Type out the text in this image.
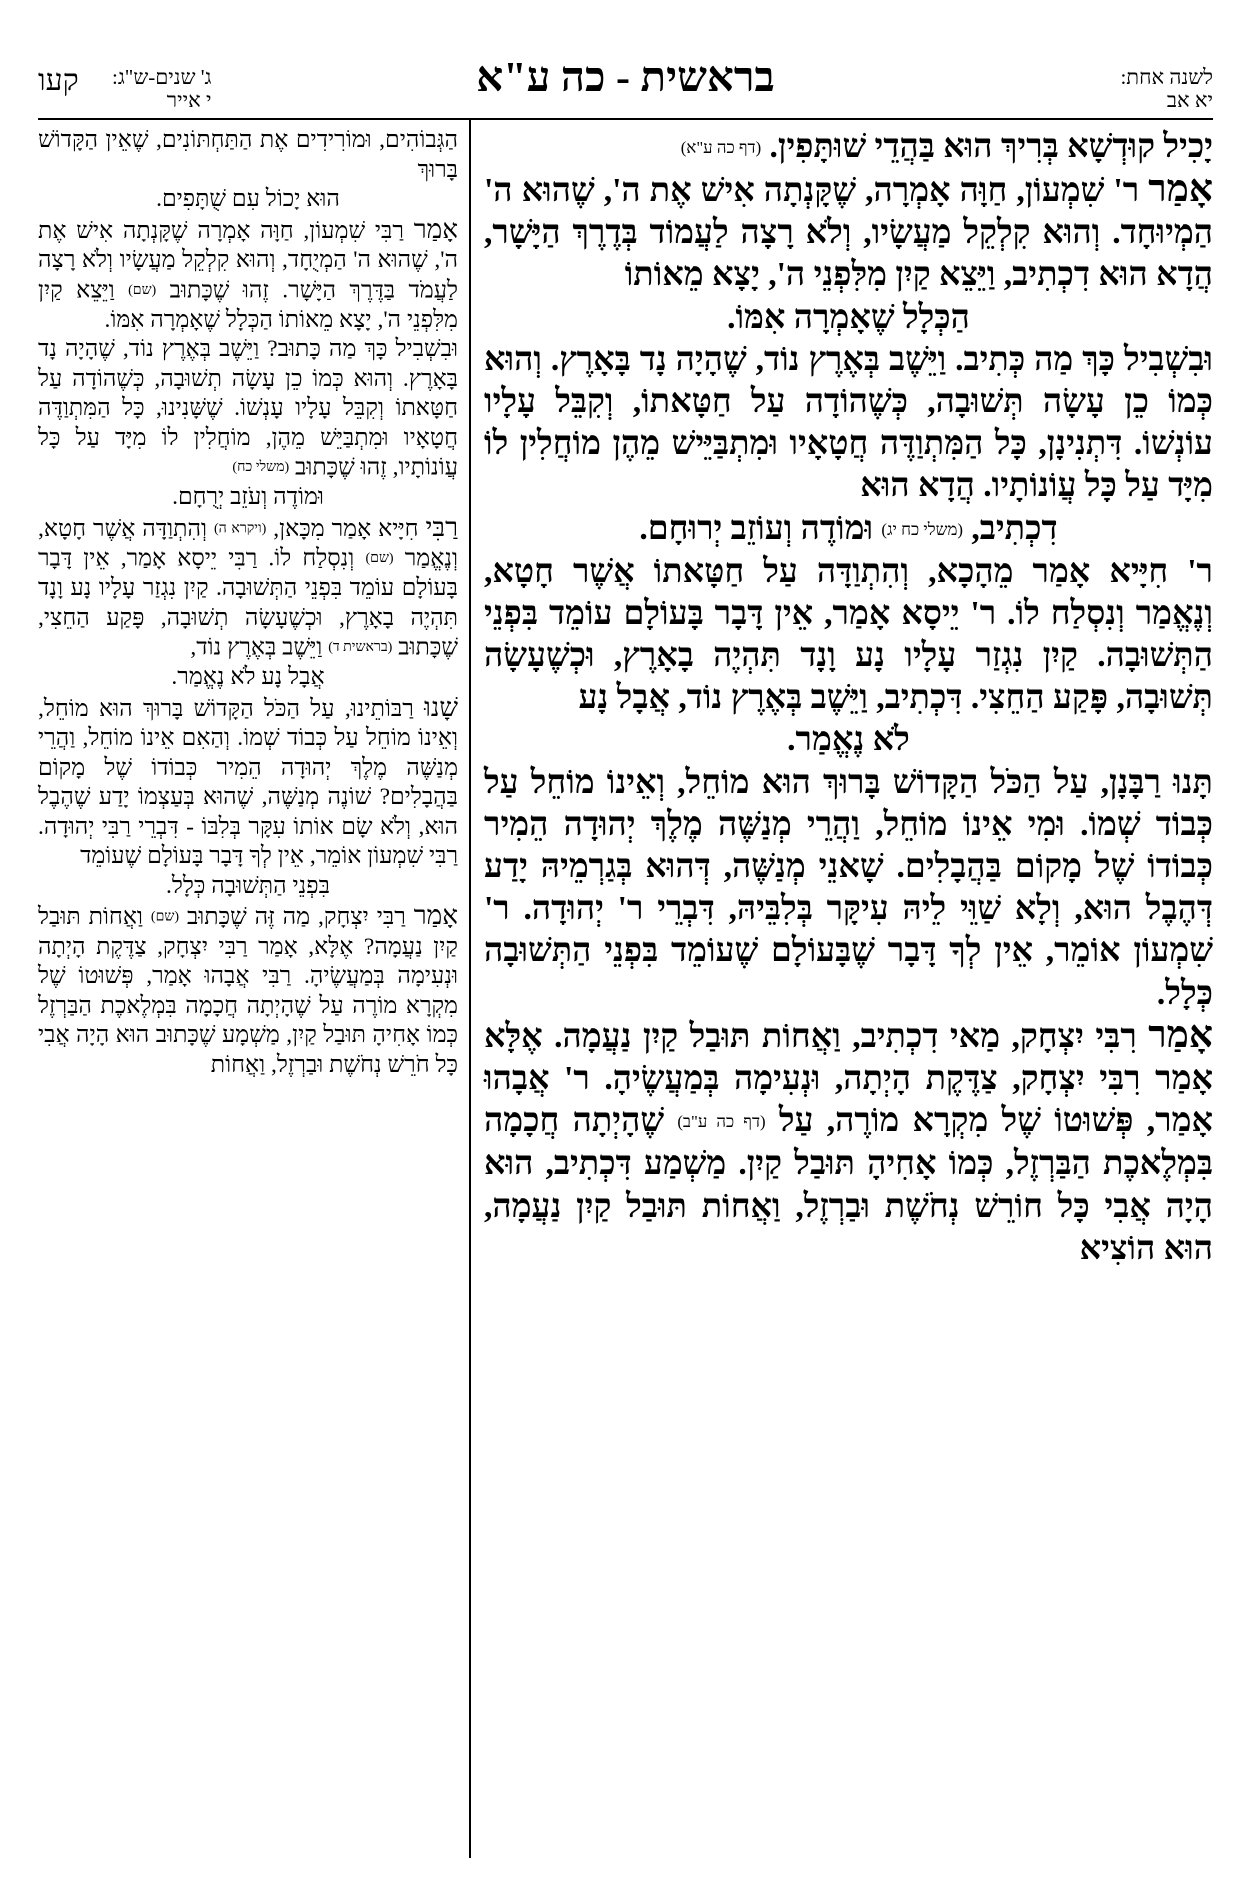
לשנה אחת:
יא אב
בראשית - כה ע"א
ג' שנים-ש"ג:
י אייר
קעו

יָכִיל קוּדְשָׁא בְּרִיךְ הוּא בַּהֲדֵי שׁוּתָּפִין. (דף כה ע"א)

אָמַר ר' שִׁמְעוֹן, חַוָּה אָמְרָה, שֶׁקָּנְתָה אִישׁ אֶת ה', שֶׁהוּא ה' הַמְיוּחָד. וְהוּא קִלְקֵל מַעֲשָׂיו, וְלֹא רָצָה לַעֲמוֹד בְּדֶרֶךְ הַיָּשָׁר, הֲדָא הוּא דִכְתִיב, וַיֵּצֵא קַיִן מִלִּפְנֵי ה', יָצָא מֵאוֹתוֹ
הַכְּלָל שֶׁאָמְרָה אִמּוֹ.

וּבִשְׁבִיל כָּךְ מַה כְּתִיב. וַיֵּשֶׁב בְּאֶרֶץ נוֹד, שֶׁהָיָה נָד בָּאָרֶץ. וְהוּא כְּמוֹ כֵן עָשָׂה תְּשׁוּבָה, כְּשֶׁהוֹדָה עַל חַטָּאתוֹ, וְקִבֵּל עָלָיו עוֹנְשׁוֹ. דִּתְנִינָן, כָּל הַמִּתְוַדֶּה חֲטָאָיו וּמִתְבַּיֵּישׁ מֵהֶן מוֹחֲלִין לוֹ מִיָּד עַל כָּל עֲוֹנוֹתָיו. הֲדָא הוּא
דִכְתִיב, (משלי כח יג) וּמוֹדֶה וְעוֹזֵב יְרוּחָם.

ר' חִיָּיא אָמַר מֵהָכָא, וְהִתְוַדָּה עַל חַטָּאתוֹ אֲשֶׁר חָטָא, וְנֶאֱמַר וְנִסְלַח לוֹ. ר' יֵיסָא אָמַר, אֵין דָּבָר בָּעוֹלָם עוֹמֵד בִּפְנֵי הַתְּשׁוּבָה. קַיִן נִגְזַר עָלָיו נָע וָנָד תִּהְיֶה בָאָרֶץ, וּכְשֶׁעָשָׂה תְּשׁוּבָה, פָּקַע הַחֵצִי. דִּכְתִיב, וַיֵּשֶׁב בְּאֶרֶץ נוֹד, אֲבָל נָע
לֹא נֶאֱמַר.

תָּנוּ רַבָּנָן, עַל הַכֹּל הַקָּדוֹשׁ בָּרוּךְ הוּא מוֹחֵל, וְאֵינוֹ מוֹחֵל עַל כְּבוֹד שְׁמוֹ. וּמִי אֵינוֹ מוֹחֵל, וַהֲרֵי מְנַשֶּׁה מֶלֶךְ יְהוּדָה הֵמִיר כְּבוֹדוֹ שֶׁל מָקוֹם בַּהֲבָלִים. שָׁאנֵי מְנַשֶּׁה, דְּהוּא בְּגַרְמֵיהּ יָדַע דְּהֶבֶל הוּא, וְלָא שַׁוֵּי לֵיהּ עִיקָּר בְּלִבֵּיהּ, דִּבְרֵי ר' יְהוּדָה. ר' שִׁמְעוֹן אוֹמֵר, אֵין לְךָ דָּבָר שֶׁבָּעוֹלָם שֶׁעוֹמֵד בִּפְנֵי הַתְּשׁוּבָה כְּלָל.

אָמַר רִבִּי יִצְחָק, מַאי דִכְתִיב, וַאֲחוֹת תּוּבַל קַיִן נַעֲמָה. אֶלָּא אָמַר רִבִּי יִצְחָק, צַדֶּקֶת הָיְתָה, וּנְעִימָה בְּמַעֲשֶׂיהָ. ר' אֲבָהוּ אָמַר, פְּשׁוּטוֹ שֶׁל מִקְרָא מוֹרֶה, עַל (דף כה ע"ב) שֶׁהָיְתָה חֲכָמָה בִּמְלֶאכֶת הַבַּרְזֶל, כְּמוֹ אָחִיהָ תּוּבַל קַיִן. מַשְׁמַע דִּכְתִיב, הוּא הָיָה אֲבִי כָּל חוֹרֵשׁ נְחֹשֶׁת וּבַרְזֶל, וַאֲחוֹת תּוּבַל קַיִן נַעֲמָה, הוּא הוֹצִיא

הַגְּבוֹהִים, וּמוֹרִידִים אֶת הַתַּחְתּוֹנִים, שֶׁאֵין הַקָּדוֹשׁ בָּרוּךְ
הוּא יָכוֹל עִם שֻׁתָּפִים.

אָמַר רַבִּי שִׁמְעוֹן, חַוָּה אָמְרָה שֶׁקָּנְתָה אִישׁ אֶת ה', שֶׁהוּא ה' הַמְיֻחָד, וְהוּא קִלְקֵל מַעֲשָׂיו וְלֹא רָצָה לַעֲמֹד בַּדֶּרֶךְ הַיָּשָׁר. זֶהוּ שֶׁכָּתוּב (שם) וַיֵּצֵא קַיִן מִלִּפְנֵי ה', יָצָא מֵאוֹתוֹ הַכְּלָל שֶׁאָמְרָה אִמּוֹ.

וּבִשְׁבִיל כָּךְ מַה כָּתוּב? וַיֵּשֶׁב בְּאֶרֶץ נוֹד, שֶׁהָיָה נָד בָּאָרֶץ. וְהוּא כְּמוֹ כֵן עָשָׂה תְשׁוּבָה, כְּשֶׁהוֹדָה עַל חַטָּאתוֹ וְקִבֵּל עָלָיו עָנְשׁוֹ. שֶׁשָּׁנִינוּ, כָּל הַמִּתְוַדֶּה חֲטָאָיו וּמִתְבַּיֵּשׁ מֵהֶן, מוֹחֲלִין לוֹ מִיָּד עַל כָּל עֲוֹנוֹתָיו, זֶהוּ שֶׁכָּתוּב (משלי כח)
וּמוֹדֶה וְעֹזֵב יְרֻחָם.

רַבִּי חִיָּיא אָמַר מִכָּאן, (ויקרא ה) וְהִתְוַדָּה אֲשֶׁר חָטָא, וְנֶאֱמַר (שם) וְנִסְלַח לוֹ. רַבִּי יֵיסָא אָמַר, אֵין דָּבָר בָּעוֹלָם עוֹמֵד בִּפְנֵי הַתְּשׁוּבָה. קַיִן נִגְזַר עָלָיו נָע וָנָד תִּהְיֶה בָאָרֶץ, וּכְשֶׁעָשָׂה תְשׁוּבָה, פָּקַע הַחֵצִי, שֶׁכָּתוּב (בראשית ד) וַיֵּשֶׁב בְּאֶרֶץ נוֹד,
אֲבָל נָע לֹא נֶאֱמַר.

שָׁנוּ רַבּוֹתֵינוּ, עַל הַכֹּל הַקָּדוֹשׁ בָּרוּךְ הוּא מוֹחֵל, וְאֵינוֹ מוֹחֵל עַל כְּבוֹד שְׁמוֹ. וְהַאִם אֵינוֹ מוֹחֵל, וַהֲרֵי מְנַשֶּׁה מֶלֶךְ יְהוּדָה הֵמִיר כְּבוֹדוֹ שֶׁל מָקוֹם בַּהֲבָלִים? שׁוֹנֶה מְנַשֶּׁה, שֶׁהוּא בְּעַצְמוֹ יָדַע שֶׁהֶבֶל הוּא, וְלֹא שָׂם אוֹתוֹ עִקָּר בְּלִבּוֹ - דִּבְרֵי רַבִּי יְהוּדָה. רַבִּי שִׁמְעוֹן אוֹמֵר, אֵין לְךָ דָּבָר בָּעוֹלָם שֶׁעוֹמֵד
בִּפְנֵי הַתְּשׁוּבָה כְּלָל.

אָמַר רַבִּי יִצְחָק, מַה זֶּה שֶׁכָּתוּב (שם) וַאֲחוֹת תּוּבַל קַיִן נַעֲמָה? אֶלָּא, אָמַר רַבִּי יִצְחָק, צַדֶּקֶת הָיְתָה וּנְעִימָה בְּמַעֲשֶׂיהָ. רַבִּי אֲבָהוּ אָמַר, פְּשׁוּטוֹ שֶׁל מִקְרָא מוֹרֶה עַל שֶׁהָיְתָה חֲכָמָה בִּמְלֶאכֶת הַבַּרְזֶל כְּמוֹ אָחִיהָ תּוּבַל קַיִן, מַשְׁמָע שֶׁכָּתוּב הוּא הָיָה אֲבִי כָּל חֹרֵשׁ נְחֹשֶׁת וּבַרְזֶל, וַאֲחוֹת
